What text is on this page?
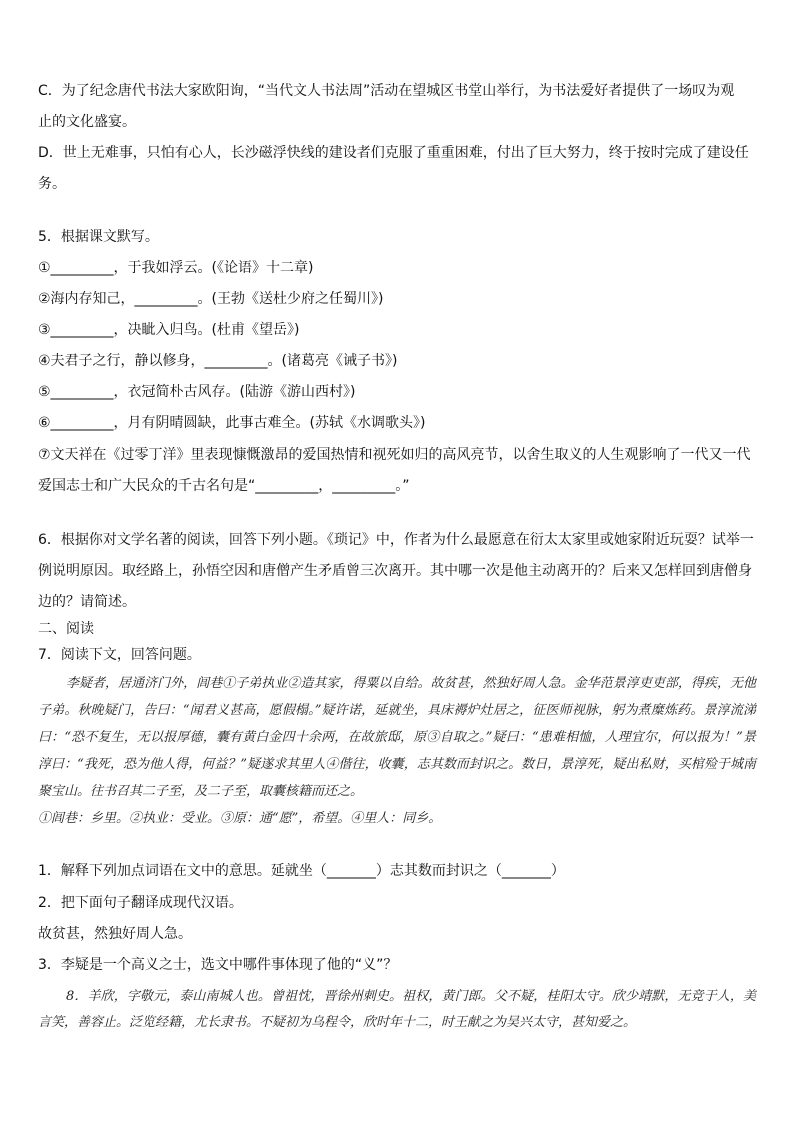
C．为了纪念唐代书法大家欧阳询，“当代文人书法周”活动在望城区书堂山举行，为书法爱好者提供了一场叹为观
止的文化盛宴。
D．世上无难事，只怕有心人，长沙磁浮快线的建设者们克服了重重困难，付出了巨大努力，终于按时完成了建设任
务。
5．根据课文默写。
①_________，于我如浮云。(《论语》十二章)
②海内存知己，_________。(王勃《送杜少府之任蜀川》)
③_________，决眦入归鸟。(杜甫《望岳》)
④夫君子之行，静以修身，_________。(诸葛亮《诫子书》)
⑤_________，衣冠简朴古风存。(陆游《游山西村》)
⑥_________，月有阴晴圆缺，此事古难全。(苏轼《水调歌头》)
⑦文天祥在《过零丁洋》里表现慷慨激昂的爱国热情和视死如归的高风亮节，以舍生取义的人生观影响了一代又一代
爱国志士和广大民众的千古名句是“_________，_________。”
6．根据你对文学名著的阅读，回答下列小题。《琐记》中，作者为什么最愿意在衍太太家里或她家附近玩耍？试举一
例说明原因。取经路上，孙悟空因和唐僧产生矛盾曾三次离开。其中哪一次是他主动离开的？后来又怎样回到唐僧身
边的？请简述。
二、阅读
7．阅读下文，回答问题。

李疑者，居通济门外，闾巷①子弟执业②造其家，得粟以自给。故贫甚，然独好周人急。金华范景淳吏吏部，得疾，无他子弟。秋晚疑门，告曰：“闻君义甚高，愿假榻。”疑许诺，延就坐，具床褥炉灶居之，征医师视脉，躬为煮糜炼药。景淳流涕曰：“恐不复生，无以报厚德，囊有黄白金四十余两，在故旅邸，原③自取之。”疑曰：“患难相恤，人理宜尔，何以报为！”景淳曰：“我死，恐为他人得，何益？”疑遂求其里人④偕往，收囊，志其数而封识之。数日，景淳死，疑出私财，买棺殓于城南聚宝山。往书召其二子至，及二子至，取囊核籍而还之。

①闾巷：乡里。②执业：受业。③原：通“愿”，希望。④里人：同乡。

1．解释下列加点词语在文中的意思。延就坐（_______）志其数而封识之（_______）
2．把下面句子翻译成现代汉语。
故贫甚，然独好周人急。
3．李疑是一个高义之士，选文中哪件事体现了他的“义”？

8．羊欣，字敬元，泰山南城人也。曾祖忱，晋徐州刺史。祖权，黄门郎。父不疑，桂阳太守。欣少靖默，无竞于人，美言笑，善容止。泛览经籍，尤长隶书。不疑初为乌程令，欣时年十二，时王献之为吴兴太守，甚知爱之。
